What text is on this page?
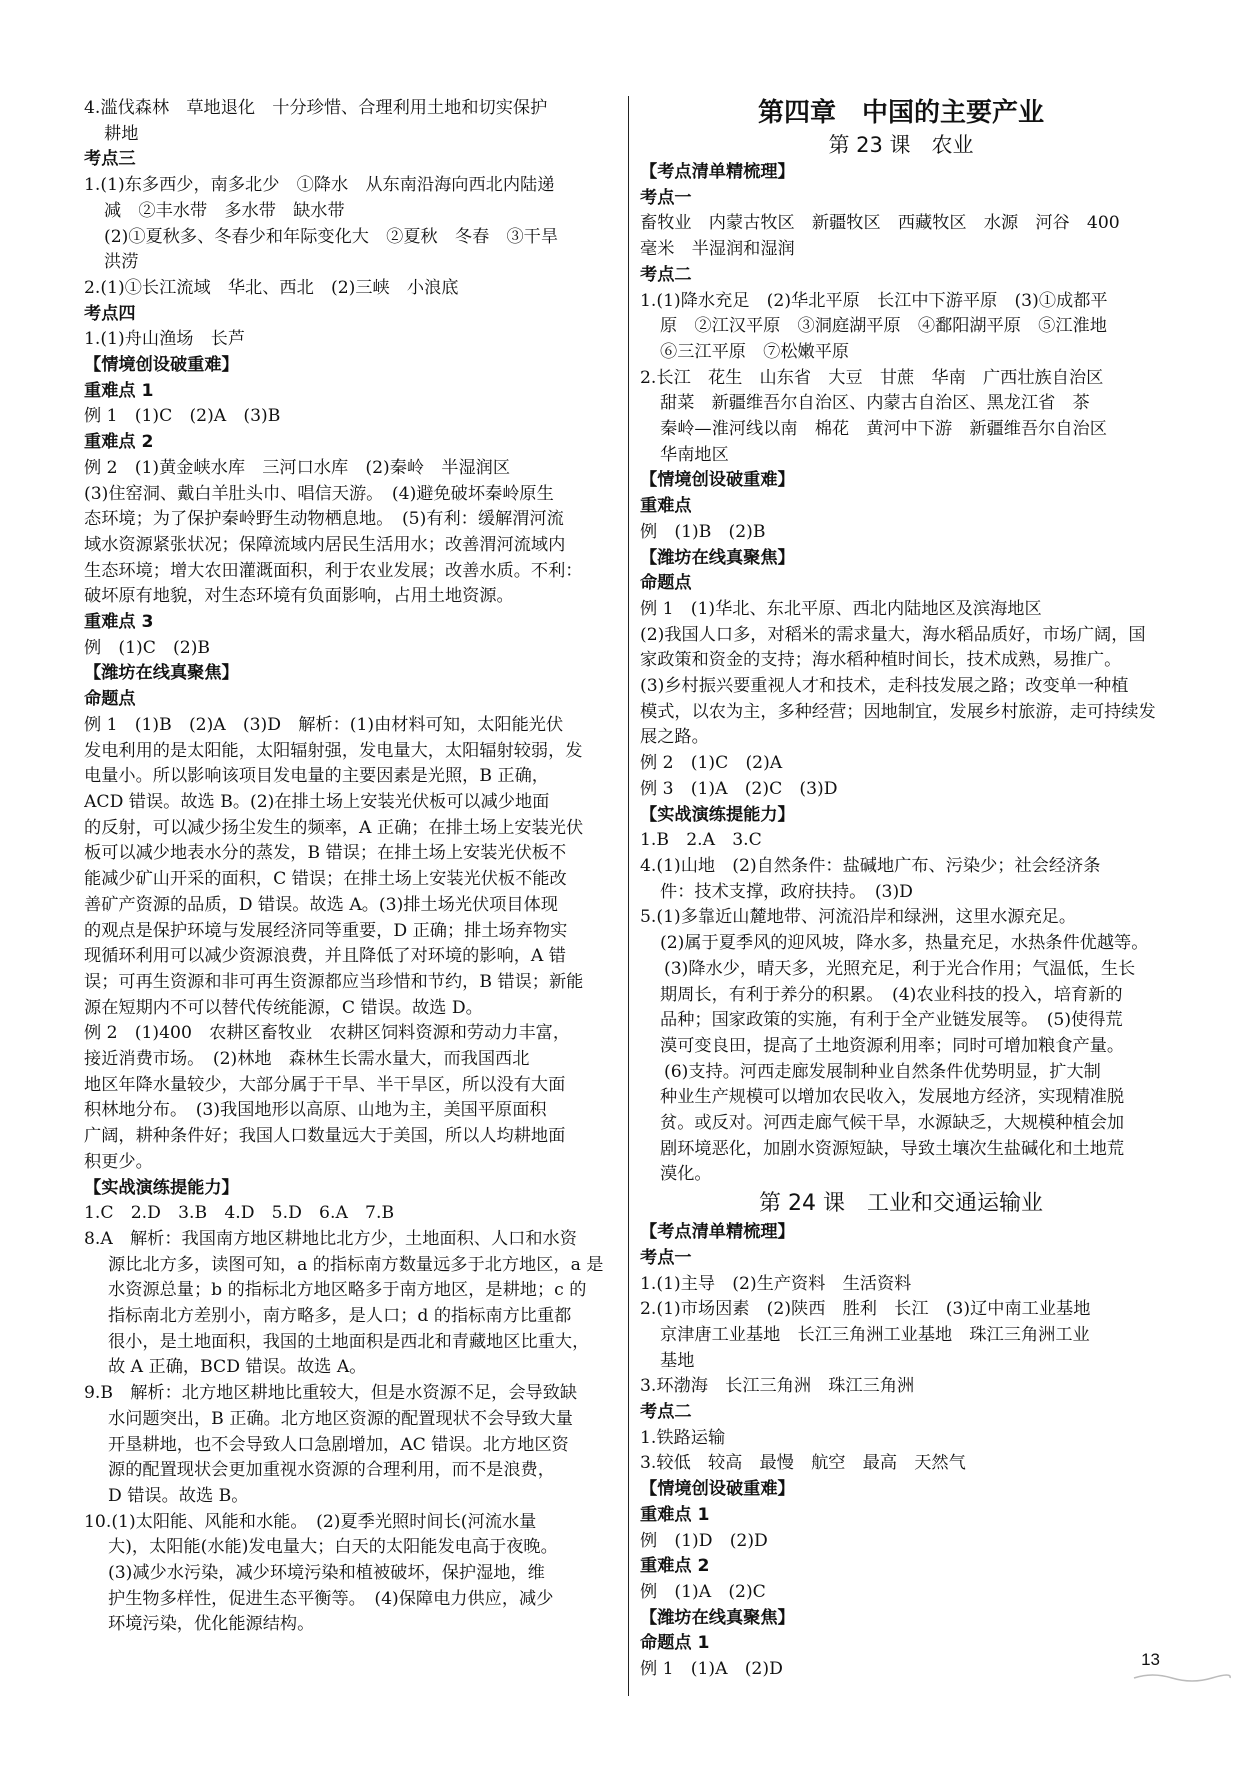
4.滥伐森林　草地退化　十分珍惜、合理利用土地和切实保护
耕地
考点三
1.(1)东多西少，南多北少　①降水　从东南沿海向西北内陆递
减　②丰水带　多水带　缺水带
(2)①夏秋多、冬春少和年际变化大　②夏秋　冬春　③干旱
洪涝
2.(1)①长江流域　华北、西北　(2)三峡　小浪底
考点四
1.(1)舟山渔场　长芦
【情境创设破重难】
重难点 1
例 1　(1)C　(2)A　(3)B
重难点 2
例 2　(1)黄金峡水库　三河口水库　(2)秦岭　半湿润区
(3)住窑洞、戴白羊肚头巾、唱信天游。　(4)避免破坏秦岭原生
态环境；为了保护秦岭野生动物栖息地。　(5)有利：缓解渭河流
域水资源紧张状况；保障流域内居民生活用水；改善渭河流域内
生态环境；增大农田灌溉面积，利于农业发展；改善水质。不利：
破坏原有地貌，对生态环境有负面影响，占用土地资源。
重难点 3
例　(1)C　(2)B
【潍坊在线真聚焦】
命题点
例 1　(1)B　(2)A　(3)D　解析：(1)由材料可知，太阳能光伏
发电利用的是太阳能，太阳辐射强，发电量大，太阳辐射较弱，发
电量小。所以影响该项目发电量的主要因素是光照，B 正确，
ACD 错误。故选 B。(2)在排土场上安装光伏板可以减少地面
的反射，可以减少扬尘发生的频率，A 正确；在排土场上安装光伏
板可以减少地表水分的蒸发，B 错误；在排土场上安装光伏板不
能减少矿山开采的面积，C 错误；在排土场上安装光伏板不能改
善矿产资源的品质，D 错误。故选 A。(3)排土场光伏项目体现
的观点是保护环境与发展经济同等重要，D 正确；排土场弃物实
现循环利用可以减少资源浪费，并且降低了对环境的影响，A 错
误；可再生资源和非可再生资源都应当珍惜和节约，B 错误；新能
源在短期内不可以替代传统能源，C 错误。故选 D。
例 2　(1)400　农耕区畜牧业　农耕区饲料资源和劳动力丰富，
接近消费市场。　(2)林地　森林生长需水量大，而我国西北
地区年降水量较少，大部分属于干旱、半干旱区，所以没有大面
积林地分布。　(3)我国地形以高原、山地为主，美国平原面积
广阔，耕种条件好；我国人口数量远大于美国，所以人均耕地面
积更少。
【实战演练提能力】
1.C　2.D　3.B　4.D　5.D　6.A　7.B
8.A　解析：我国南方地区耕地比北方少，土地面积、人口和水资
源比北方多，读图可知，a 的指标南方数量远多于北方地区，a 是
水资源总量；b 的指标北方地区略多于南方地区，是耕地；c 的
指标南北方差别小，南方略多，是人口；d 的指标南方比重都
很小，是土地面积，我国的土地面积是西北和青藏地区比重大，
故 A 正确，BCD 错误。故选 A。
9.B　解析：北方地区耕地比重较大，但是水资源不足，会导致缺
水问题突出，B 正确。北方地区资源的配置现状不会导致大量
开垦耕地，也不会导致人口急剧增加，AC 错误。北方地区资
源的配置现状会更加重视水资源的合理利用，而不是浪费，
D 错误。故选 B。
10.(1)太阳能、风能和水能。　(2)夏季光照时间长(河流水量
大)，太阳能(水能)发电量大；白天的太阳能发电高于夜晚。
(3)减少水污染，减少环境污染和植被破坏，保护湿地，维
护生物多样性，促进生态平衡等。　(4)保障电力供应，减少
环境污染，优化能源结构。
第四章　中国的主要产业
第 23 课　农业
【考点清单精梳理】
考点一
畜牧业　内蒙古牧区　新疆牧区　西藏牧区　水源　河谷　400
毫米　半湿润和湿润
考点二
1.(1)降水充足　(2)华北平原　长江中下游平原　(3)①成都平
原　②江汉平原　③洞庭湖平原　④鄱阳湖平原　⑤江淮地
⑥三江平原　⑦松嫩平原
2.长江　花生　山东省　大豆　甘蔗　华南　广西壮族自治区
甜菜　新疆维吾尔自治区、内蒙古自治区、黑龙江省　茶
秦岭—淮河线以南　棉花　黄河中下游　新疆维吾尔自治区
华南地区
【情境创设破重难】
重难点
例　(1)B　(2)B
【潍坊在线真聚焦】
命题点
例 1　(1)华北、东北平原、西北内陆地区及滨海地区
(2)我国人口多，对稻米的需求量大，海水稻品质好，市场广阔，国
家政策和资金的支持；海水稻种植时间长，技术成熟，易推广。
(3)乡村振兴要重视人才和技术，走科技发展之路；改变单一种植
模式，以农为主，多种经营；因地制宜，发展乡村旅游，走可持续发
展之路。
例 2　(1)C　(2)A
例 3　(1)A　(2)C　(3)D
【实战演练提能力】
1.B　2.A　3.C
4.(1)山地　(2)自然条件：盐碱地广布、污染少；社会经济条
件：技术支撑，政府扶持。　(3)D
5.(1)多靠近山麓地带、河流沿岸和绿洲，这里水源充足。
(2)属于夏季风的迎风坡，降水多，热量充足，水热条件优越等。
(3)降水少，晴天多，光照充足，利于光合作用；气温低，生长
期周长，有利于养分的积累。　(4)农业科技的投入，培育新的
品种；国家政策的实施，有利于全产业链发展等。　(5)使得荒
漠可变良田，提高了土地资源利用率；同时可增加粮食产量。
(6)支持。河西走廊发展制种业自然条件优势明显，扩大制
种业生产规模可以增加农民收入，发展地方经济，实现精准脱
贫。或反对。河西走廊气候干旱，水源缺乏，大规模种植会加
剧环境恶化，加剧水资源短缺，导致土壤次生盐碱化和土地荒
漠化。
第 24 课　工业和交通运输业
【考点清单精梳理】
考点一
1.(1)主导　(2)生产资料　生活资料
2.(1)市场因素　(2)陕西　胜利　长江　(3)辽中南工业基地
京津唐工业基地　长江三角洲工业基地　珠江三角洲工业
基地
3.环渤海　长江三角洲　珠江三角洲
考点二
1.铁路运输
3.较低　较高　最慢　航空　最高　天然气
【情境创设破重难】
重难点 1
例　(1)D　(2)D
重难点 2
例　(1)A　(2)C
【潍坊在线真聚焦】
命题点 1
例 1　(1)A　(2)D	13
